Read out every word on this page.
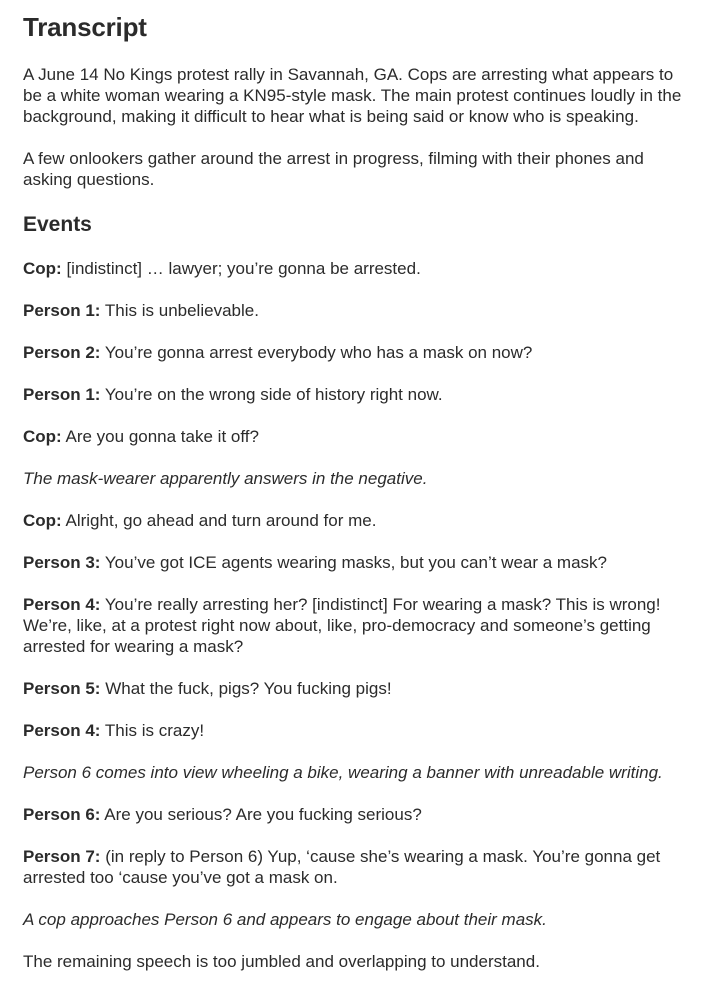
Transcript

A June 14 No Kings protest rally in Savannah, GA. Cops are arresting what appears to be a white woman wearing a KN95-style mask. The main protest continues loudly in the background, making it difficult to hear what is being said or know who is speaking.

A few onlookers gather around the arrest in progress, filming with their phones and asking questions.

Events

Cop: [indistinct] … lawyer; you’re gonna be arrested.

Person 1: This is unbelievable.

Person 2: You’re gonna arrest everybody who has a mask on now?

Person 1: You’re on the wrong side of history right now.

Cop: Are you gonna take it off?

The mask-wearer apparently answers in the negative.

Cop: Alright, go ahead and turn around for me.

Person 3: You’ve got ICE agents wearing masks, but you can’t wear a mask?

Person 4: You’re really arresting her? [indistinct] For wearing a mask? This is wrong! We’re, like, at a protest right now about, like, pro-democracy and someone’s getting arrested for wearing a mask?

Person 5: What the fuck, pigs? You fucking pigs!

Person 4: This is crazy!

Person 6 comes into view wheeling a bike, wearing a banner with unreadable writing.

Person 6: Are you serious? Are you fucking serious?

Person 7: (in reply to Person 6) Yup, ‘cause she’s wearing a mask. You’re gonna get arrested too ‘cause you’ve got a mask on.

A cop approaches Person 6 and appears to engage about their mask.

The remaining speech is too jumbled and overlapping to understand.
